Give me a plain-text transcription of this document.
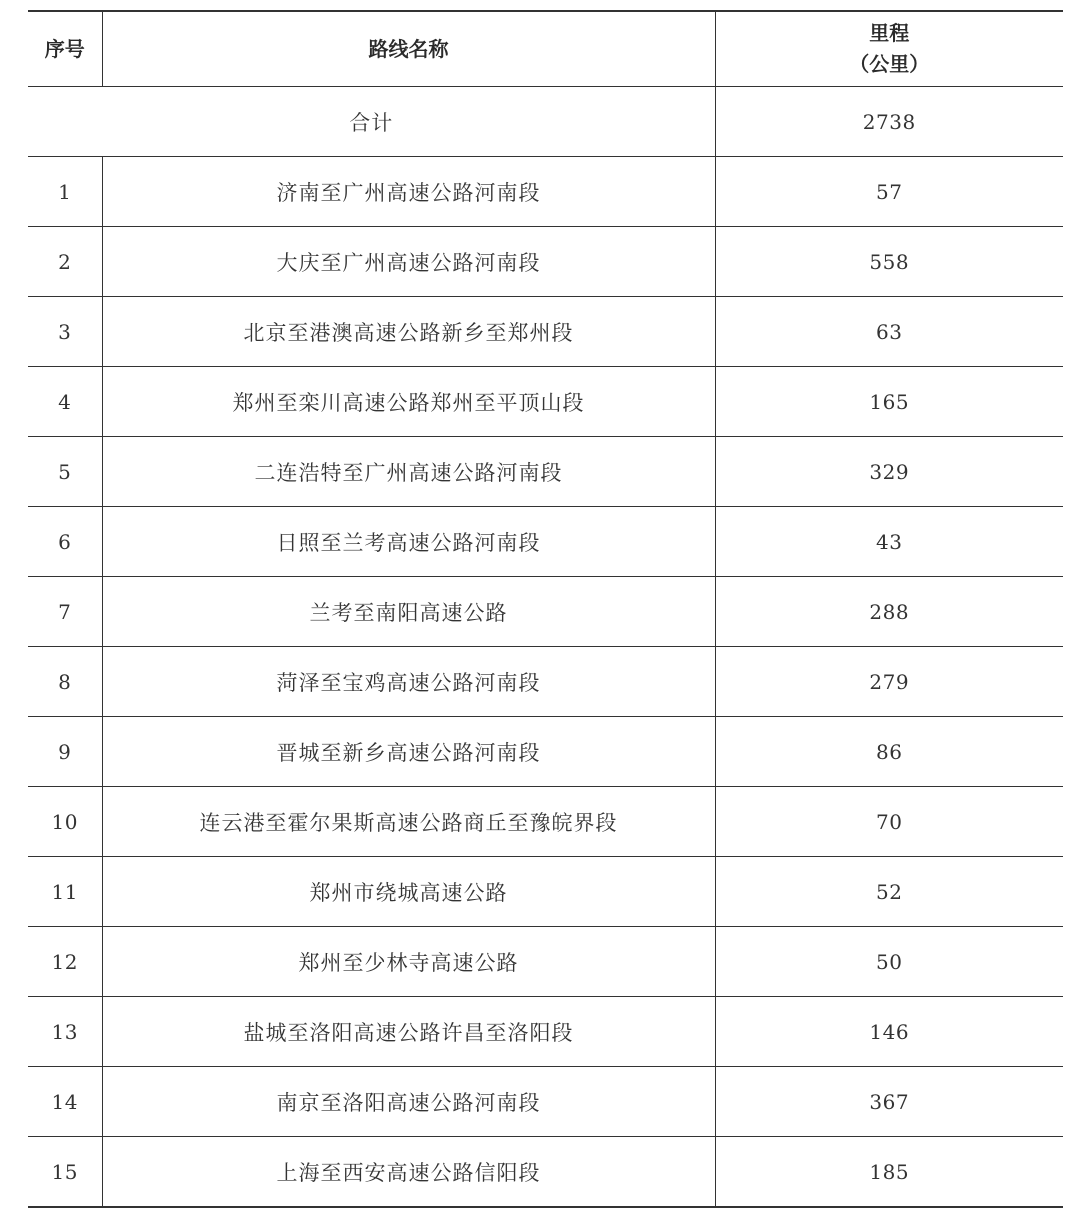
序号	路线名称	里程
（公里）

合计		2738
1	济南至广州高速公路河南段	57
2	大庆至广州高速公路河南段	558
3	北京至港澳高速公路新乡至郑州段	63
4	郑州至栾川高速公路郑州至平顶山段	165
5	二连浩特至广州高速公路河南段	329
6	日照至兰考高速公路河南段	43
7	兰考至南阳高速公路	288
8	菏泽至宝鸡高速公路河南段	279
9	晋城至新乡高速公路河南段	86
10	连云港至霍尔果斯高速公路商丘至豫皖界段	70
11	郑州市绕城高速公路	52
12	郑州至少林寺高速公路	50
13	盐城至洛阳高速公路许昌至洛阳段	146
14	南京至洛阳高速公路河南段	367
15	上海至西安高速公路信阳段	185
